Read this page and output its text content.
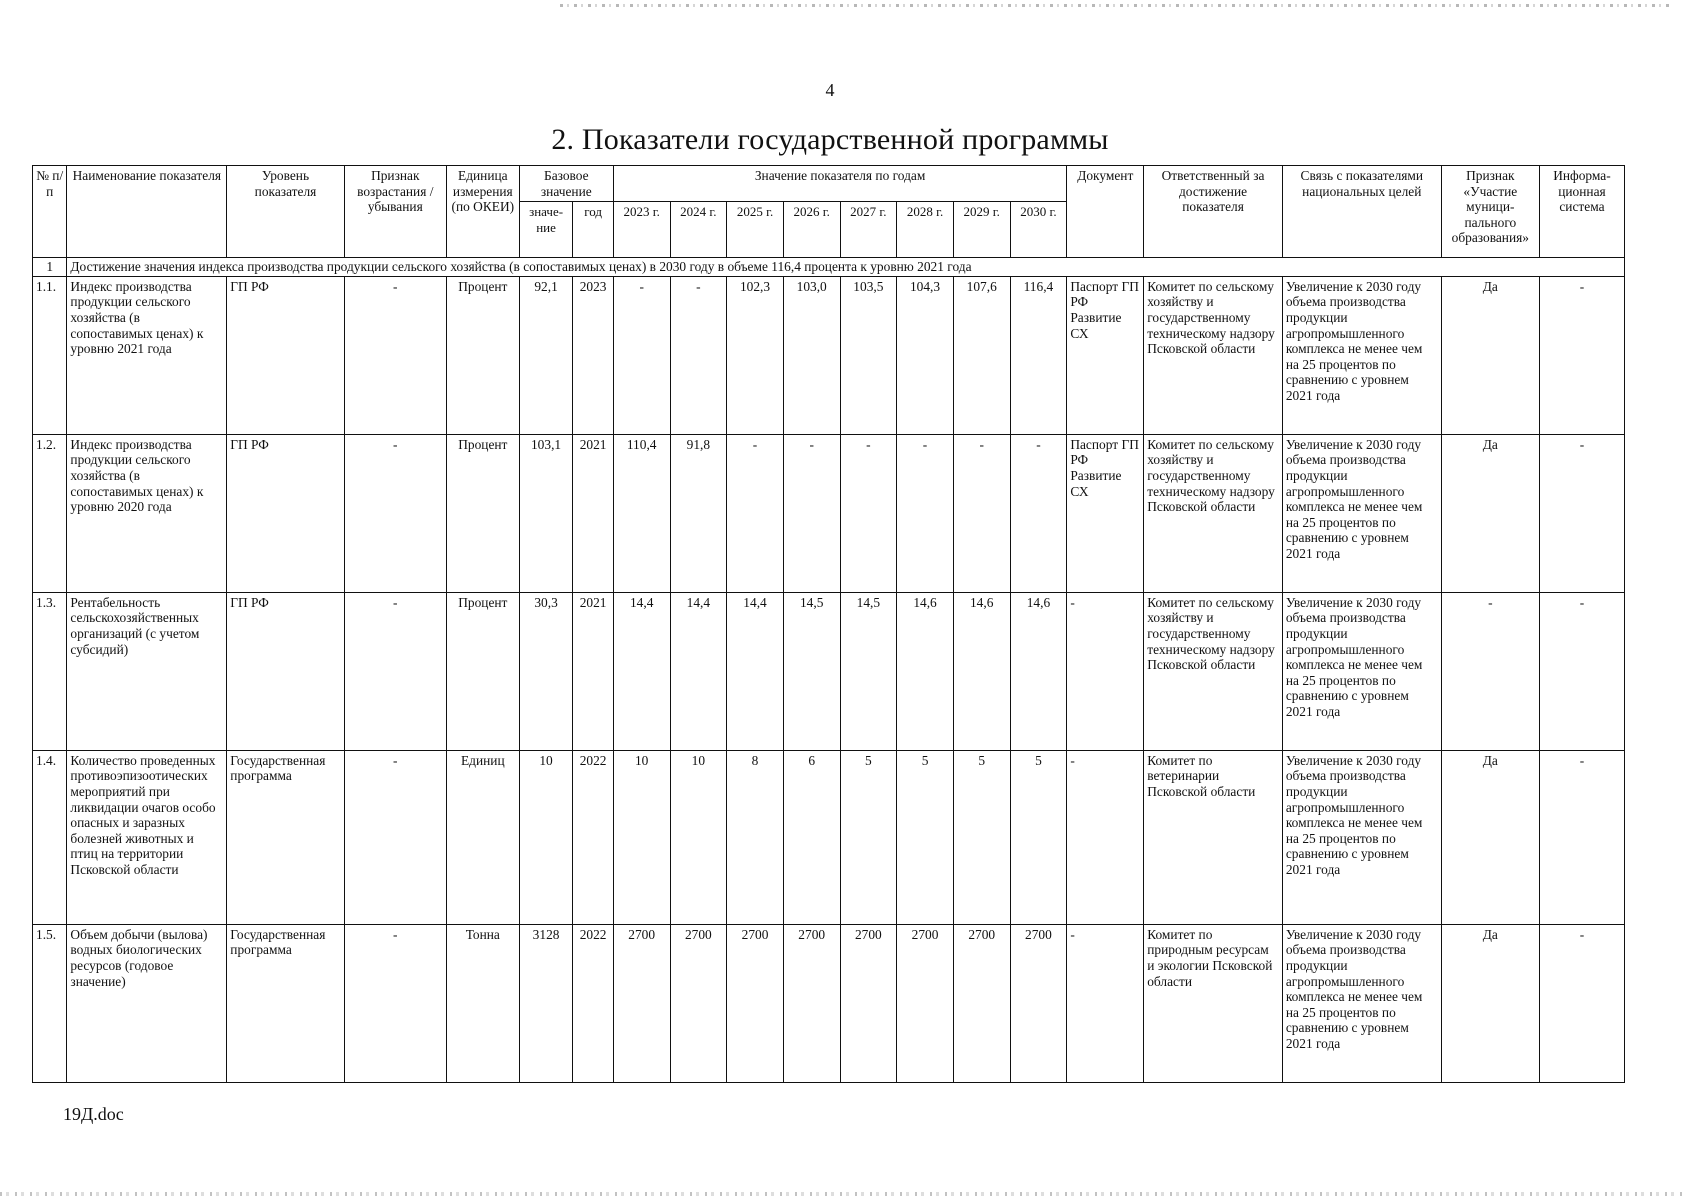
4
2. Показатели государственной программы
№ п/п	Наименование показателя	Уровень показателя	Признак возрастания / убывания	Единица измерения (по ОКЕИ)	Базовое значение		Значение показателя по годам								Документ	Ответственный за достижение показателя	Связь с показателями национальных целей	Признак «Участие муници-пального образования»	Информа-ционная система
					значе-ние	год	2023 г.	2024 г.	2025 г.	2026 г.	2027 г.	2028 г.	2029 г.	2030 г.					
1	Достижение значения индекса производства продукции сельского хозяйства (в сопоставимых ценах) в 2030 году в объеме 116,4 процента к уровню 2021 года																		
1.1.	Индекс производства продукции сельского хозяйства (в сопоставимых ценах) к уровню 2021 года	ГП РФ	-	Процент	92,1	2023	-	-	102,3	103,0	103,5	104,3	107,6	116,4	Паспорт ГП РФ Развитие СХ	Комитет по сельскому хозяйству и государственному техническому надзору Псковской области	Увеличение к 2030 году объема производства продукции агропромышленного комплекса не менее чем на 25 процентов по сравнению с уровнем 2021 года	Да	-
1.2.	Индекс производства продукции сельского хозяйства (в сопоставимых ценах) к уровню 2020 года	ГП РФ	-	Процент	103,1	2021	110,4	91,8	-	-	-	-	-	-	Паспорт ГП РФ Развитие СХ	Комитет по сельскому хозяйству и государственному техническому надзору Псковской области	Увеличение к 2030 году объема производства продукции агропромышленного комплекса не менее чем на 25 процентов по сравнению с уровнем 2021 года	Да	-
1.3.	Рентабельность сельскохозяйственных организаций (с учетом субсидий)	ГП РФ	-	Процент	30,3	2021	14,4	14,4	14,4	14,5	14,5	14,6	14,6	14,6	-	Комитет по сельскому хозяйству и государственному техническому надзору Псковской области	Увеличение к 2030 году объема производства продукции агропромышленного комплекса не менее чем на 25 процентов по сравнению с уровнем 2021 года	-	-
1.4.	Количество проведенных противоэпизоотических мероприятий при ликвидации очагов особо опасных и заразных болезней животных и птиц на территории Псковской области	Государственная программа	-	Единиц	10	2022	10	10	8	6	5	5	5	5	-	Комитет по ветеринарии Псковской области	Увеличение к 2030 году объема производства продукции агропромышленного комплекса не менее чем на 25 процентов по сравнению с уровнем 2021 года	Да	-
1.5.	Объем добычи (вылова) водных биологических ресурсов (годовое значение)	Государственная программа	-	Тонна	3128	2022	2700	2700	2700	2700	2700	2700	2700	2700	-	Комитет по природным ресурсам и экологии Псковской области	Увеличение к 2030 году объема производства продукции агропромышленного комплекса не менее чем на 25 процентов по сравнению с уровнем 2021 года	Да	-
19Д.doc
